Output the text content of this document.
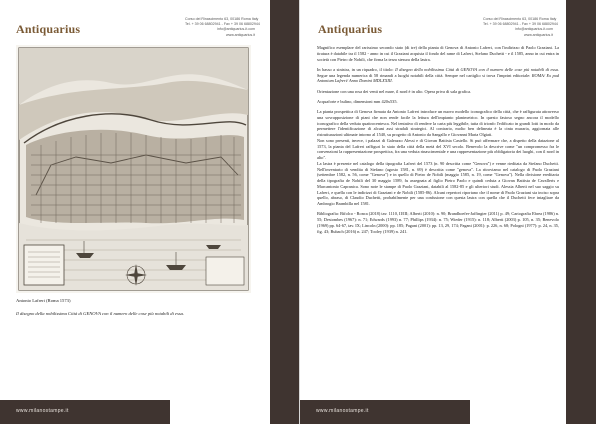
Antiquarius
Corso del Rinascimento 63, 00186 Roma Italy
Tel. + 39 06 68802941 - Fax + 39 06 68802944
info@antiquarius-it.com
www.antiquarius.it
Antonio Lafreri (Roma 1573)
Il disegno della nobilissima Città di GENOVA con il numero delle cose più notabili di essa.
www.milanostampe.it
Antiquarius
Corso del Rinascimento 63, 00186 Roma Italy
Tel. + 39 06 68802941 - Fax + 39 06 68802944
info@antiquarius-it.com
www.antiquarius.it
www.milanostampe.it

Magnifico esemplare del rarissimo secondo stato (di tre) della pianta di Genova di Antonio Lafreri, con l'indirizzo di Paolo Graziani. La tiratura è databile tra il 1582 - anno in cui il Graziani acquista il fondo del rame di Lafreri, Stefano Duchetti - e il 1585, anno in cui entra in società con Pietro de Nobili, che firma la terza stesura della lastra.

In basso a sinistra, in un riquadro, il titolo: Il disegno della nobilissima Città di GENOVA con il numero delle cose più notabili di essa. Segue una legenda numerica di 58 rimandi a luoghi notabili della città. Sempre nel cartiglio si trova l'imprint editoriale: ROMA/ Ex pud Antonium Lafreri/ Anno Domini MDLXXIII.

Orientazione con una rosa dei venti nel mare, il nord è in alto. Opera priva di sala grafica.

Acquaforte e bulino, dimensioni mm 420x535.

La pianta prospettica di Genova firmata da Antonio Lafreri introduce un nuovo modello iconografico della città, che è raffigurata attraverso una sovrapposizione di piani che non rende facile la lettura dell'impianto planimetrico. In questo fastoso segno ancora il modello iconografico della veduta quattrocentesca. Nel tentativo di rendere la carta più leggibile, tutta di trionfo l'edificato in grandi lotti in modo da permettere l'identificazione di alcuni assi stradali strategici. Al contrario, molto ben delineata è la cinta muraria, aggiornata alle ristrutturazioni ultimate intorno al 1540, su progetto di Antonio da Sangallo e Giovanni Maria Olgiati.

Non sono presenti, invece, i palazzi di Galeazzo Alessi e di Giovan Battista Castello. Si può affermare che, a dispetto della datazione al 1573, la pianta del Lafreri raffiguri lo stato della città della metà del XVI secolo. Benevolo la descrive come "un compromesso fra le convenzioni la rappresentazione prospettica, fra una veduta rinascimentale e una rappresentazione più obbligatoria dei luoghi, con il nord in alto".

La lastra è presente nel catalogo della tipografia Lafreri del 1573 (n. 90 descritta come "Genova") e venne rieditata da Stefano Duchetti. Nell'inventario di vendita di Stefano (agosto 1581, n. 69) è descritta come "genova". La ritroviamo nel catalogo di Paolo Graziani (settembre 1582, n. 56, come "Genova") e in quello di Pietro de Nobili (maggio 1585, n. 19, come "Genova"). Nella divisione ereditaria della tipografia de Nobili del 30 maggio 1589, fu assegnata al figlio Pietro Paolo e quindi ceduta a Giovan Battista de Cavalleris e Marcantonio Capranica. Sono note le stampe di Paolo Graziani, databili al 1582-85 e gli ulteriori studi. Alessia Alberti nel suo saggio su Lafreri, e quella con le indirizzi di Graziani e de Nobili (1585-86). Alcuni repertori riportano che il nome di Paolo Graziani sia inciso sopra quello, abraso, di Claudio Duchetti, probabilmente per una confusione con questa lastra con quella che il Duchetti fece intagliare da Ambrogio Brambilla nel 1581.

Bibliografia: Bifolco - Ronca (2018) tav. 1110, II/III; Alberti (2010): n. 90; Brandhoefer-Jaffingter (2011) p. 49; Cartografia Ebrea (1986) n. 55; Destombes (1967): n. 71; Edwards (1993) n. 77; Phillips (1934): n. 75; Wieder (1915): n. 118; Alberti (2003) p. 105, n. 35; Benevolo (1969) pp. 64-67, tav. IX; Lincoln (2000): pp. 185; Pagani (2001): pp. 13, 29, 174; Pagani (2001): p. 226, n. 68; Pologni (1977): p. 24, n. 35, fig. 43; Bubach (2016) n. 247; Tooley (1939) n. 241.
